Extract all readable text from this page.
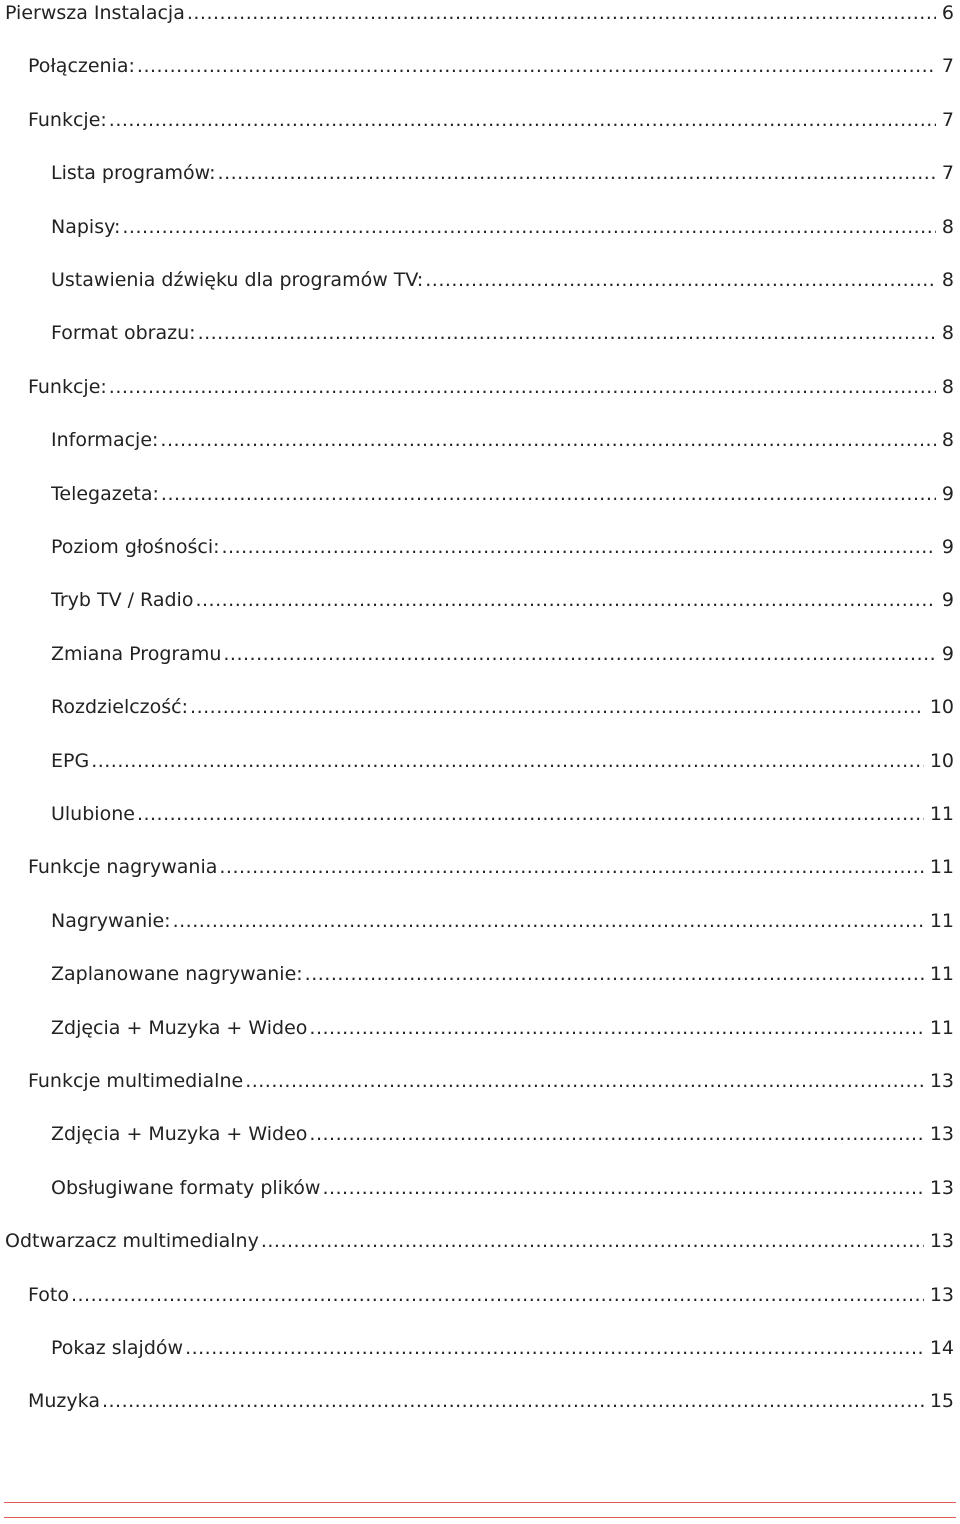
Pierwsza Instalacja .....	6
Połączenia: .....	7
Funkcje: .....	7
Lista programów: .....	7
Napisy: .....	8
Ustawienia dźwięku dla programów TV: .....	8
Format obrazu: .....	8
Funkcje: .....	8
Informacje: .....	8
Telegazeta: .....	9
Poziom głośności: .....	9
Tryb TV / Radio .....	9
Zmiana Programu .....	9
Rozdzielczość: .....	10
EPG .....	10
Ulubione .....	11
Funkcje nagrywania .....	11
Nagrywanie: .....	11
Zaplanowane nagrywanie: .....	11
Zdjęcia + Muzyka + Wideo .....	11
Funkcje multimedialne .....	13
Zdjęcia + Muzyka + Wideo .....	13
Obsługiwane formaty plików .....	13
Odtwarzacz multimedialny .....	13
Foto .....	13
Pokaz slajdów .....	14
Muzyka .....	15
